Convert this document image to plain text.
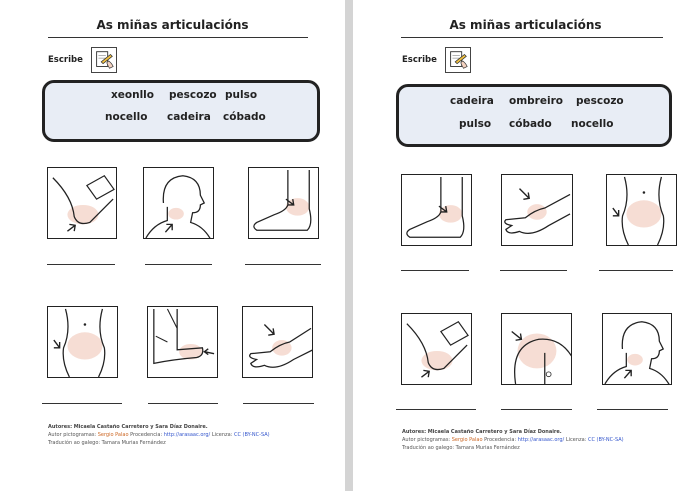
As miñas articulacións
Escribe
xeonllo pescozo pulso
nocello cadeira cóbado
Autores: Micaela Castaño Carretero y Sara Díaz Donaire.
Autor pictogramas: Sergio Palao Procedencia: http://arasaac.org/ Licenza: CC (BY-NC-SA)
Tradución ao galego: Tamara Murias Fernández
As miñas articulacións
Escribe
cadeira ombreiro pescozo
pulso cóbado nocello
Autores: Micaela Castaño Carretero y Sara Díaz Donaire.
Autor pictogramas: Sergio Palao Procedencia: http://arasaac.org/ Licenza: CC (BY-NC-SA)
Tradución ao galego: Tamara Murias Fernández
